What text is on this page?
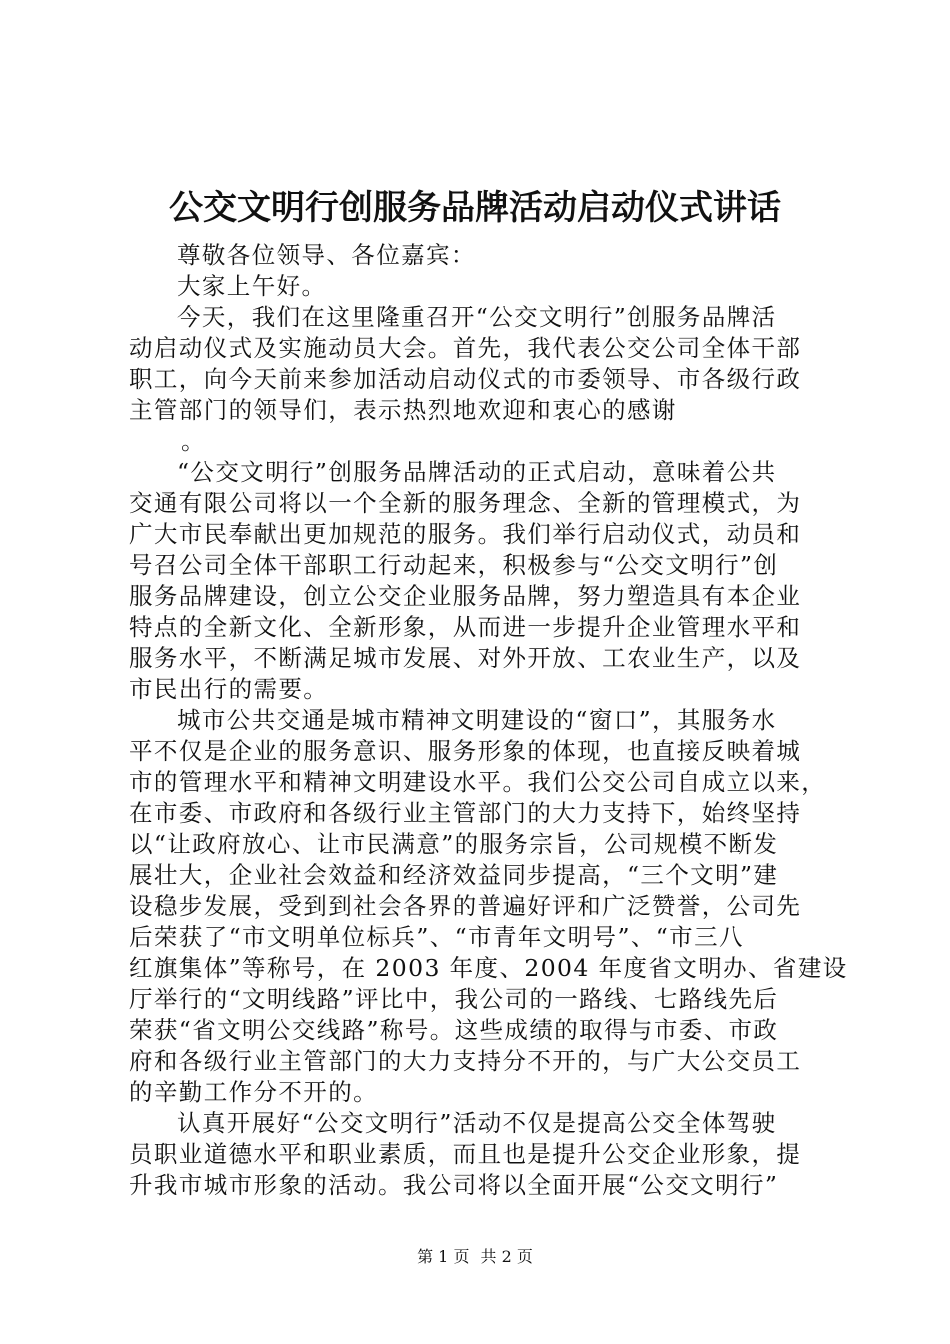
公交文明行创服务品牌活动启动仪式讲话
尊敬各位领导、各位嘉宾：
大家上午好。
今天，我们在这里隆重召开“公交文明行”创服务品牌活
动启动仪式及实施动员大会。首先，我代表公交公司全体干部
职工，向今天前来参加活动启动仪式的市委领导、市各级行政
主管部门的领导们，表示热烈地欢迎和衷心的感谢
。
“公交文明行”创服务品牌活动的正式启动，意味着公共
交通有限公司将以一个全新的服务理念、全新的管理模式，为
广大市民奉献出更加规范的服务。我们举行启动仪式，动员和
号召公司全体干部职工行动起来，积极参与“公交文明行”创
服务品牌建设，创立公交企业服务品牌，努力塑造具有本企业
特点的全新文化、全新形象，从而进一步提升企业管理水平和
服务水平，不断满足城市发展、对外开放、工农业生产，以及
市民出行的需要。
城市公共交通是城市精神文明建设的“窗口”，其服务水
平不仅是企业的服务意识、服务形象的体现，也直接反映着城
市的管理水平和精神文明建设水平。我们公交公司自成立以来，
在市委、市政府和各级行业主管部门的大力支持下，始终坚持
以“让政府放心、让市民满意”的服务宗旨，公司规模不断发
展壮大，企业社会效益和经济效益同步提高，“三个文明”建
设稳步发展，受到到社会各界的普遍好评和广泛赞誉，公司先
后荣获了“市文明单位标兵”、“市青年文明号”、“市三八
红旗集体”等称号，在 2003 年度、2004 年度省文明办、省建设
厅举行的“文明线路”评比中，我公司的一路线、七路线先后
荣获“省文明公交线路”称号。这些成绩的取得与市委、市政
府和各级行业主管部门的大力支持分不开的，与广大公交员工
的辛勤工作分不开的。
认真开展好“公交文明行”活动不仅是提高公交全体驾驶
员职业道德水平和职业素质，而且也是提升公交企业形象，提
升我市城市形象的活动。我公司将以全面开展“公交文明行”
第 1 页 共 2 页
